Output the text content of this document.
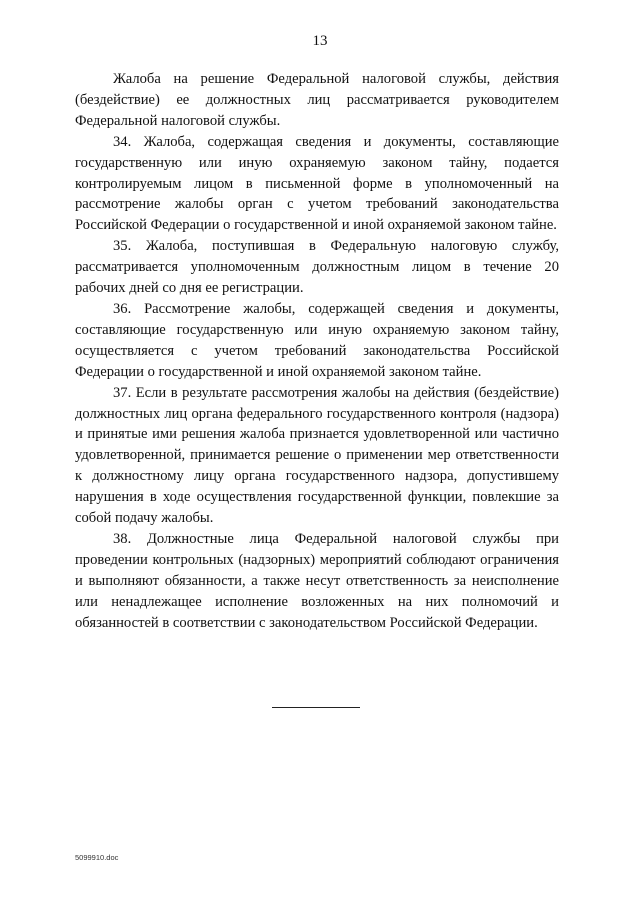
13

Жалоба на решение Федеральной налоговой службы, действия (бездействие) ее должностных лиц рассматривается руководителем Федеральной налоговой службы.

34. Жалоба, содержащая сведения и документы, составляющие государственную или иную охраняемую законом тайну, подается контролируемым лицом в письменной форме в уполномоченный на рассмотрение жалобы орган с учетом требований законодательства Российской Федерации о государственной и иной охраняемой законом тайне.

35. Жалоба, поступившая в Федеральную налоговую службу, рассматривается уполномоченным должностным лицом в течение 20 рабочих дней со дня ее регистрации.

36. Рассмотрение жалобы, содержащей сведения и документы, составляющие государственную или иную охраняемую законом тайну, осуществляется с учетом требований законодательства Российской Федерации о государственной и иной охраняемой законом тайне.

37. Если в результате рассмотрения жалобы на действия (бездействие) должностных лиц органа федерального государственного контроля (надзора) и принятые ими решения жалоба признается удовлетворенной или частично удовлетворенной, принимается решение о применении мер ответственности к должностному лицу органа государственного надзора, допустившему нарушения в ходе осуществления государственной функции, повлекшие за собой подачу жалобы.

38. Должностные лица Федеральной налоговой службы при проведении контрольных (надзорных) мероприятий соблюдают ограничения и выполняют обязанности, а также несут ответственность за неисполнение или ненадлежащее исполнение возложенных на них полномочий и обязанностей в соответствии с законодательством Российской Федерации.

5099910.doc
